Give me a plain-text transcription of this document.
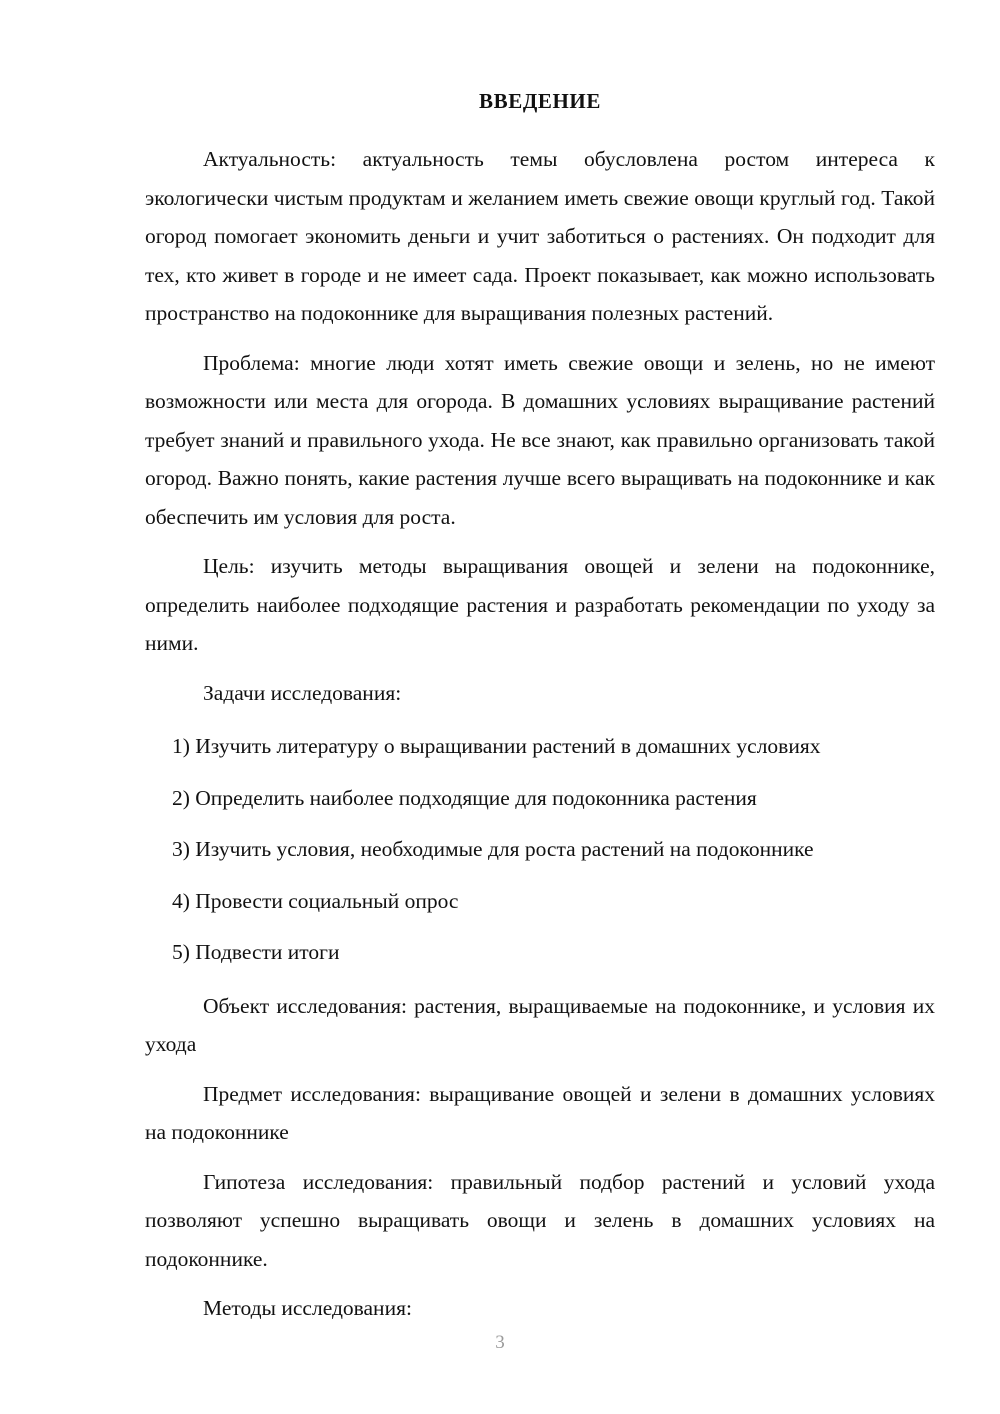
ВВЕДЕНИЕ

Актуальность: актуальность темы обусловлена ростом интереса к экологически чистым продуктам и желанием иметь свежие овощи круглый год. Такой огород помогает экономить деньги и учит заботиться о растениях. Он подходит для тех, кто живет в городе и не имеет сада. Проект показывает, как можно использовать пространство на подоконнике для выращивания полезных растений.

Проблема: многие люди хотят иметь свежие овощи и зелень, но не имеют возможности или места для огорода. В домашних условиях выращивание растений требует знаний и правильного ухода. Не все знают, как правильно организовать такой огород. Важно понять, какие растения лучше всего выращивать на подоконнике и как обеспечить им условия для роста.

Цель: изучить методы выращивания овощей и зелени на подоконнике, определить наиболее подходящие растения и разработать рекомендации по уходу за ними.

Задачи исследования:

1) Изучить литературу о выращивании растений в домашних условиях
2) Определить наиболее подходящие для подоконника растения
3) Изучить условия, необходимые для роста растений на подоконнике
4) Провести социальный опрос
5) Подвести итоги

Объект исследования: растения, выращиваемые на подоконнике, и условия их ухода

Предмет исследования: выращивание овощей и зелени в домашних условиях на подоконнике

Гипотеза исследования: правильный подбор растений и условий ухода позволяют успешно выращивать овощи и зелень в домашних условиях на подоконнике.

Методы исследования:

3
